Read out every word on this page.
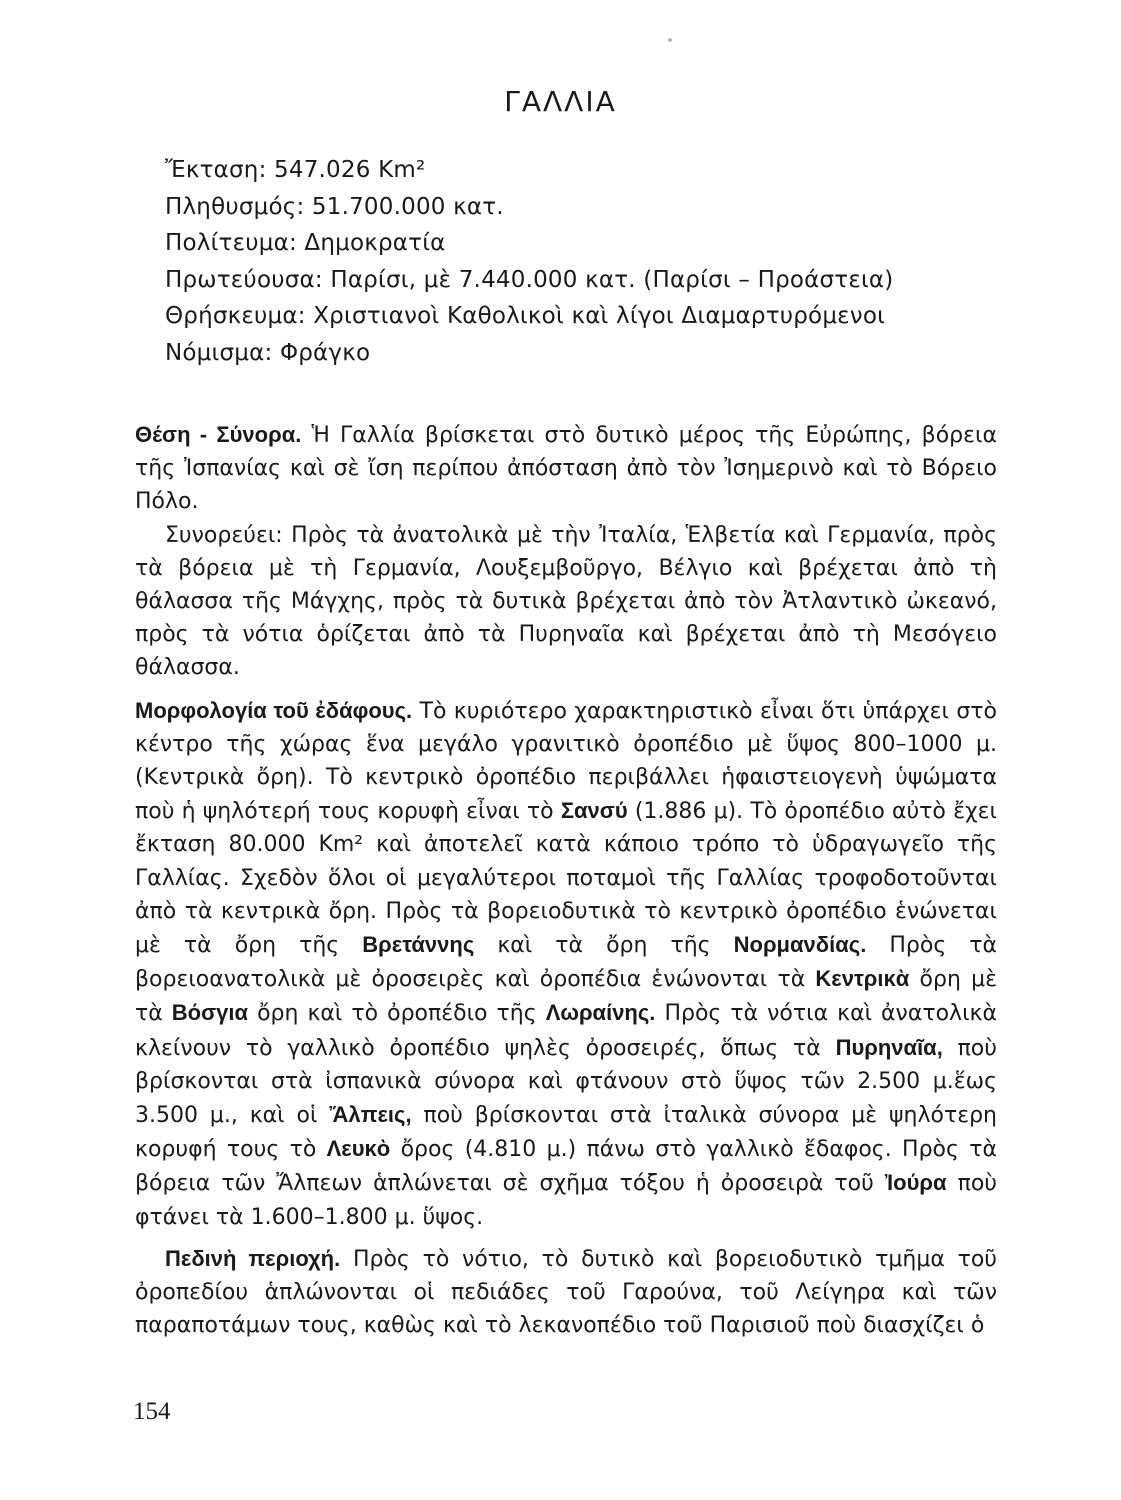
ΓΑΛΛΙΑ
Ἔκταση: 547.026 Km²
Πληθυσμός: 51.700.000 κατ.
Πολίτευμα: Δημοκρατία
Πρωτεύουσα: Παρίσι, μὲ 7.440.000 κατ. (Παρίσι – Προάστεια)
Θρήσκευμα: Χριστιανοὶ Καθολικοὶ καὶ λίγοι Διαμαρτυρόμενοι
Νόμισμα: Φράγκο

Θέση - Σύνορα. Ἡ Γαλλία βρίσκεται στὸ δυτικὸ μέρος τῆς Εὐρώπης, βόρεια τῆς Ἰσπανίας καὶ σὲ ἴση περίπου ἀπόσταση ἀπὸ τὸν Ἰσημερινὸ καὶ τὸ Βόρειο Πόλο.

Συνορεύει: Πρὸς τὰ ἀνατολικὰ μὲ τὴν Ἰταλία, Ἑλβετία καὶ Γερμανία, πρὸς τὰ βόρεια μὲ τὴ Γερμανία, Λουξεμβοῦργο, Βέλγιο καὶ βρέχεται ἀπὸ τὴ θάλασσα τῆς Μάγχης, πρὸς τὰ δυτικὰ βρέχεται ἀπὸ τὸν Ἀτλαντικὸ ὠκεανό, πρὸς τὰ νότια ὁρίζεται ἀπὸ τὰ Πυρηναῖα καὶ βρέχεται ἀπὸ τὴ Μεσόγειο θάλασσα.

Μορφολογία τοῦ ἐδάφους. Τὸ κυριότερο χαρακτηριστικὸ εἶναι ὅτι ὑπάρχει στὸ κέντρο τῆς χώρας ἕνα μεγάλο γρανιτικὸ ὀροπέδιο μὲ ὕψος 800–1000 μ. (Κεντρικὰ ὄρη). Τὸ κεντρικὸ ὀροπέδιο περιβάλλει ἡφαιστειογενὴ ὑψώματα ποὺ ἡ ψηλότερή τους κορυφὴ εἶναι τὸ Σανσύ (1.886 μ). Τὸ ὀροπέδιο αὐτὸ ἔχει ἔκταση 80.000 Km² καὶ ἀποτελεῖ κατὰ κάποιο τρόπο τὸ ὑδραγωγεῖο τῆς Γαλλίας. Σχεδὸν ὅλοι οἱ μεγαλύτεροι ποταμοὶ τῆς Γαλλίας τροφοδοτοῦνται ἀπὸ τὰ κεντρικὰ ὄρη. Πρὸς τὰ βορειοδυτικὰ τὸ κεντρικὸ ὀροπέδιο ἑνώνεται μὲ τὰ ὄρη τῆς Βρετάννης καὶ τὰ ὄρη τῆς Νορμανδίας. Πρὸς τὰ βορειοανατολικὰ μὲ ὀροσειρὲς καὶ ὀροπέδια ἑνώνονται τὰ Κεντρικὰ ὄρη μὲ τὰ Βόσγια ὄρη καὶ τὸ ὀροπέδιο τῆς Λωραίνης. Πρὸς τὰ νότια καὶ ἀνατολικὰ κλείνουν τὸ γαλλικὸ ὀροπέδιο ψηλὲς ὀροσειρές, ὅπως τὰ Πυρηναῖα, ποὺ βρίσκονται στὰ ἰσπανικὰ σύνορα καὶ φτάνουν στὸ ὕψος τῶν 2.500 μ.ἕως 3.500 μ., καὶ οἱ Ἄλπεις, ποὺ βρίσκονται στὰ ἰταλικὰ σύνορα μὲ ψηλότερη κορυφή τους τὸ Λευκὸ ὄρος (4.810 μ.) πάνω στὸ γαλλικὸ ἔδαφος. Πρὸς τὰ βόρεια τῶν Ἄλπεων ἁπλώνεται σὲ σχῆμα τόξου ἡ ὀροσειρὰ τοῦ Ἰούρα ποὺ φτάνει τὰ 1.600–1.800 μ. ὕψος.

Πεδινὴ περιοχή. Πρὸς τὸ νότιο, τὸ δυτικὸ καὶ βορειοδυτικὸ τμῆμα τοῦ ὀροπεδίου ἁπλώνονται οἱ πεδιάδες τοῦ Γαρούνα, τοῦ Λείγηρα καὶ τῶν παραποτάμων τους, καθὼς καὶ τὸ λεκανοπέδιο τοῦ Παρισιοῦ ποὺ διασχίζει ὁ

154
